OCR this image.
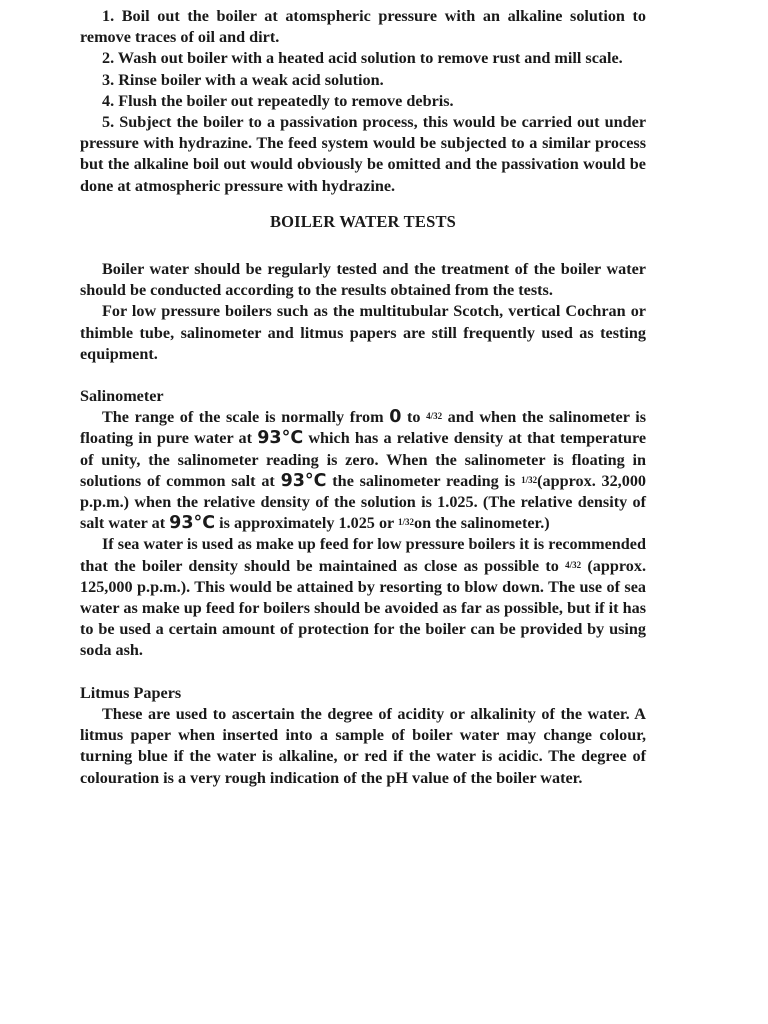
1. Boil out the boiler at atomspheric pressure with an alkaline solution to remove traces of oil and dirt.

2. Wash out boiler with a heated acid solution to remove rust and mill scale.

3. Rinse boiler with a weak acid solution.

4. Flush the boiler out repeatedly to remove debris.

5. Subject the boiler to a passivation process, this would be carried out under pressure with hydrazine. The feed system would be subjected to a similar process but the alkaline boil out would obviously be omitted and the passivation would be done at atmospheric pressure with hydrazine.

BOILER WATER TESTS

Boiler water should be regularly tested and the treatment of the boiler water should be conducted according to the results obtained from the tests.

For low pressure boilers such as the multitubular Scotch, vertical Cochran or thimble tube, salinometer and litmus papers are still frequently used as testing equipment.

Salinometer

The range of the scale is normally from 0 to 4/32 and when the salinometer is floating in pure water at 93°C which has a relative density at that temperature of unity, the salinometer reading is zero. When the salinometer is floating in solutions of common salt at 93°C the salinometer reading is 1/32(approx. 32,000 p.p.m.) when the relative density of the solution is 1.025. (The relative density of salt water at 93°C is approximately 1.025 or 1/32on the salinometer.)

If sea water is used as make up feed for low pressure boilers it is recommended that the boiler density should be maintained as close as possible to 4/32 (approx. 125,000 p.p.m.). This would be attained by resorting to blow down. The use of sea water as make up feed for boilers should be avoided as far as possible, but if it has to be used a certain amount of protection for the boiler can be provided by using soda ash.

Litmus Papers

These are used to ascertain the degree of acidity or alkalinity of the water. A litmus paper when inserted into a sample of boiler water may change colour, turning blue if the water is alkaline, or red if the water is acidic. The degree of colouration is a very rough indication of the pH value of the boiler water.
